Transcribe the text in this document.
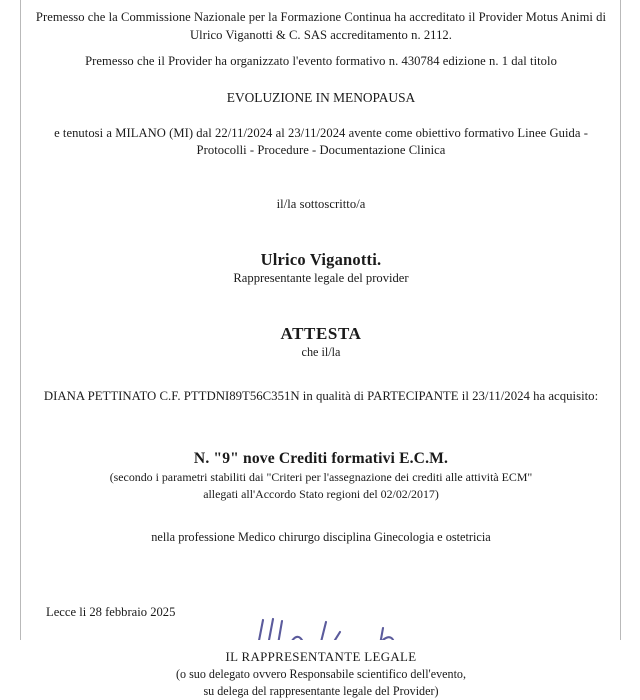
Premesso che la Commissione Nazionale per la Formazione Continua ha accreditato il Provider Motus Animi di
Ulrico Viganotti & C. SAS accreditamento n. 2112.
Premesso che il Provider ha organizzato l'evento formativo n. 430784 edizione n. 1 dal titolo
EVOLUZIONE IN MENOPAUSA
e tenutosi a MILANO (MI) dal 22/11/2024 al 23/11/2024 avente come obiettivo formativo Linee Guida -
Protocolli - Procedure - Documentazione Clinica
il/la sottoscritto/a
Ulrico Viganotti.
Rappresentante legale del provider
ATTESTA
che il/la
DIANA PETTINATO C.F. PTTDNI89T56C351N in qualità di PARTECIPANTE il 23/11/2024 ha acquisito:
N. "9" nove Crediti formativi E.C.M.
(secondo i parametri stabiliti dai "Criteri per l'assegnazione dei crediti alle attività ECM"
allegati all'Accordo Stato regioni del 02/02/2017)
nella professione Medico chirurgo disciplina Ginecologia e ostetricia
Lecce li 28 febbraio 2025
IL RAPPRESENTANTE LEGALE
(o suo delegato ovvero Responsabile scientifico dell'evento,
su delega del rappresentante legale del Provider)
